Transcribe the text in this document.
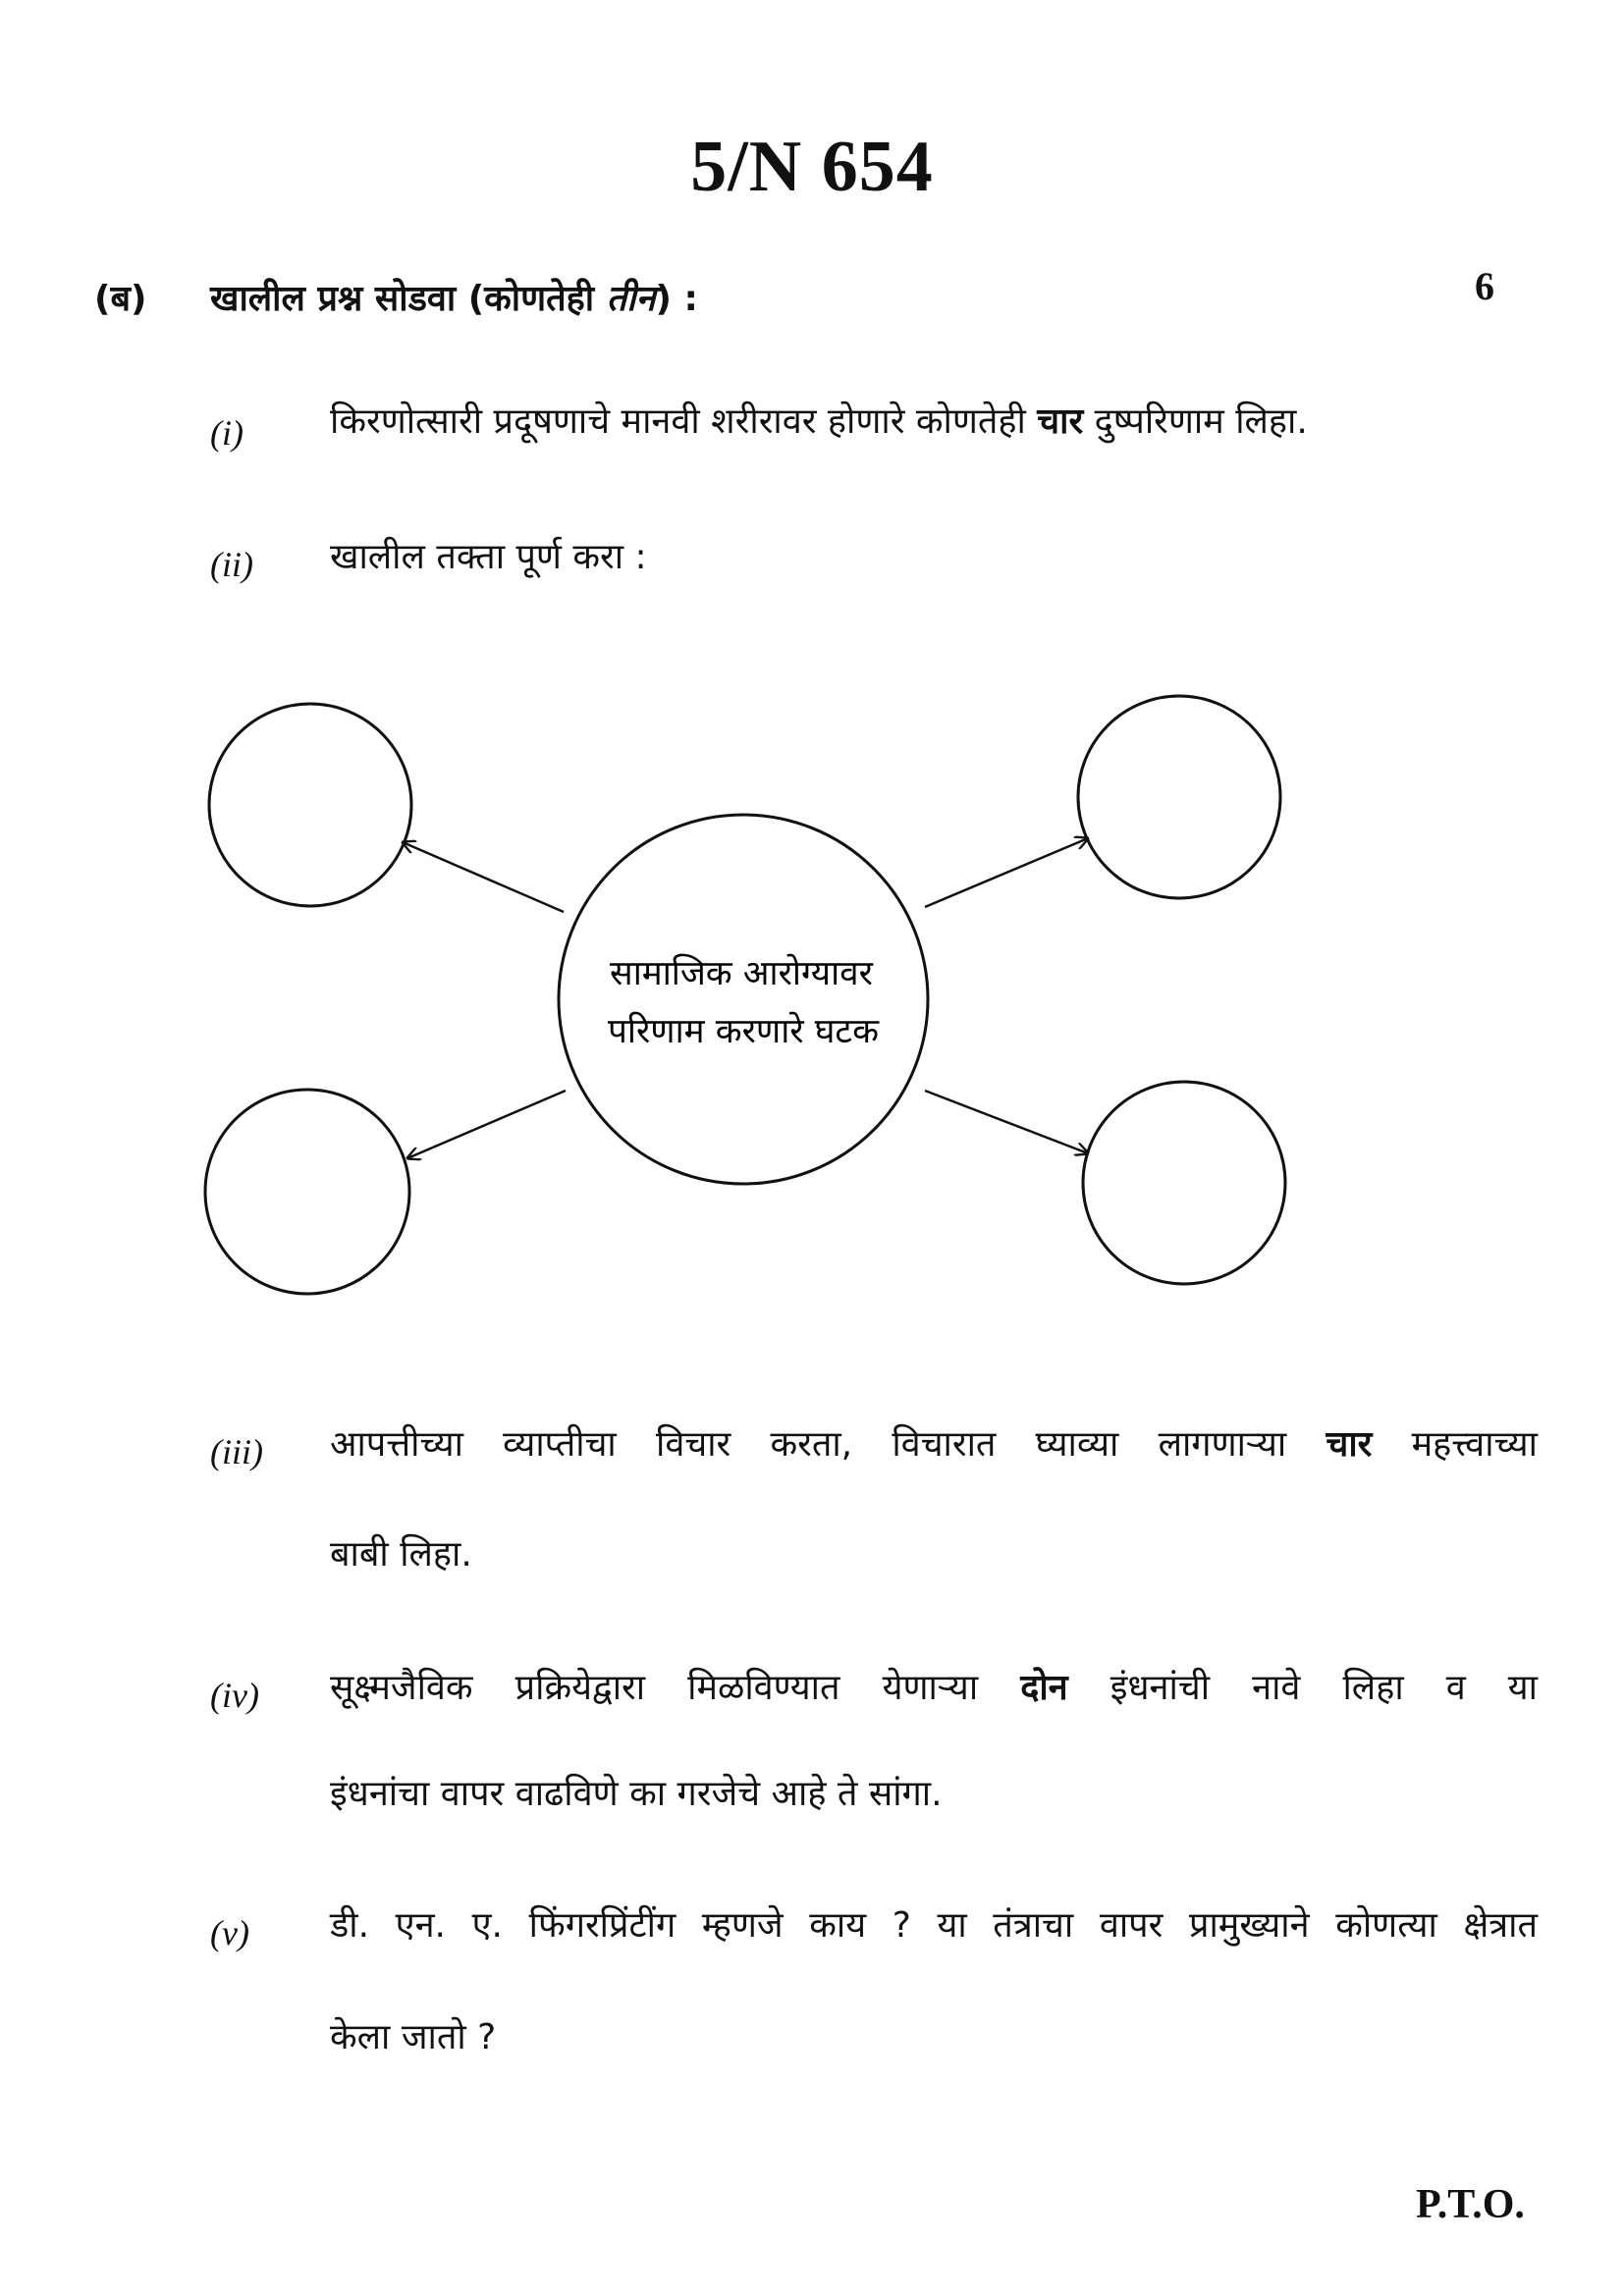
5/N 654
(ब) खालील प्रश्न सोडवा (कोणतेही तीन) :	6
(i) किरणोत्सारी प्रदूषणाचे मानवी शरीरावर होणारे कोणतेही चार दुष्परिणाम लिहा.
(ii) खालील तक्ता पूर्ण करा :
सामाजिक आरोग्यावर
परिणाम करणारे घटक
(iii) आपत्तीच्या व्याप्तीचा विचार करता, विचारात घ्याव्या लागणाऱ्या चार महत्त्वाच्या
बाबी लिहा.
(iv) सूक्ष्मजैविक प्रक्रियेद्वारा मिळविण्यात येणाऱ्या दोन इंधनांची नावे लिहा व या
इंधनांचा वापर वाढविणे का गरजेचे आहे ते सांगा.
(v) डी. एन. ए. फिंगरप्रिंटींग म्हणजे काय ? या तंत्राचा वापर प्रामुख्याने कोणत्या क्षेत्रात
केला जातो ?
P.T.O.
